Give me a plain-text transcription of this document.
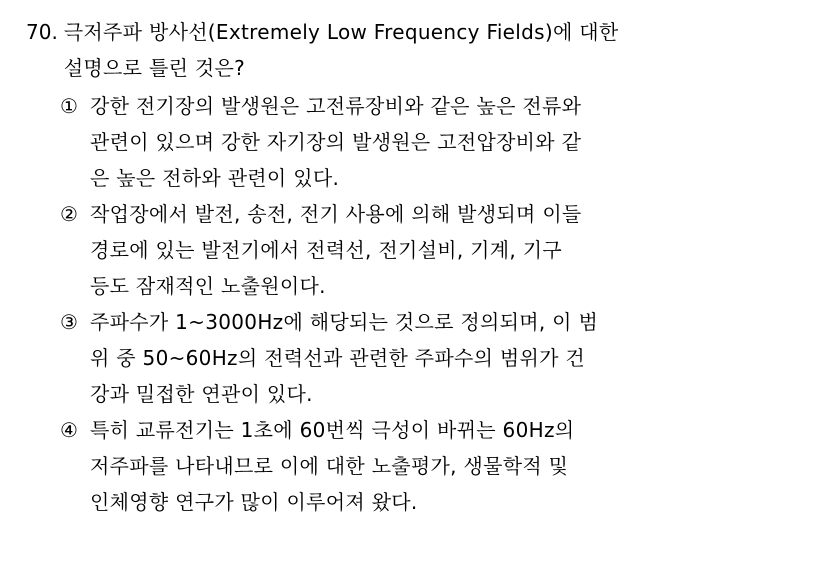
70. 극저주파 방사선(Extremely Low Frequency Fields)에 대한
설명으로 틀린 것은?
① 강한 전기장의 발생원은 고전류장비와 같은 높은 전류와
관련이 있으며 강한 자기장의 발생원은 고전압장비와 같
은 높은 전하와 관련이 있다.
② 작업장에서 발전, 송전, 전기 사용에 의해 발생되며 이들
경로에 있는 발전기에서 전력선, 전기설비, 기계, 기구
등도 잠재적인 노출원이다.
③ 주파수가 1~3000Hz에 해당되는 것으로 정의되며, 이 범
위 중 50~60Hz의 전력선과 관련한 주파수의 범위가 건
강과 밀접한 연관이 있다.
④ 특히 교류전기는 1초에 60번씩 극성이 바뀌는 60Hz의
저주파를 나타내므로 이에 대한 노출평가, 생물학적 및
인체영향 연구가 많이 이루어져 왔다.
